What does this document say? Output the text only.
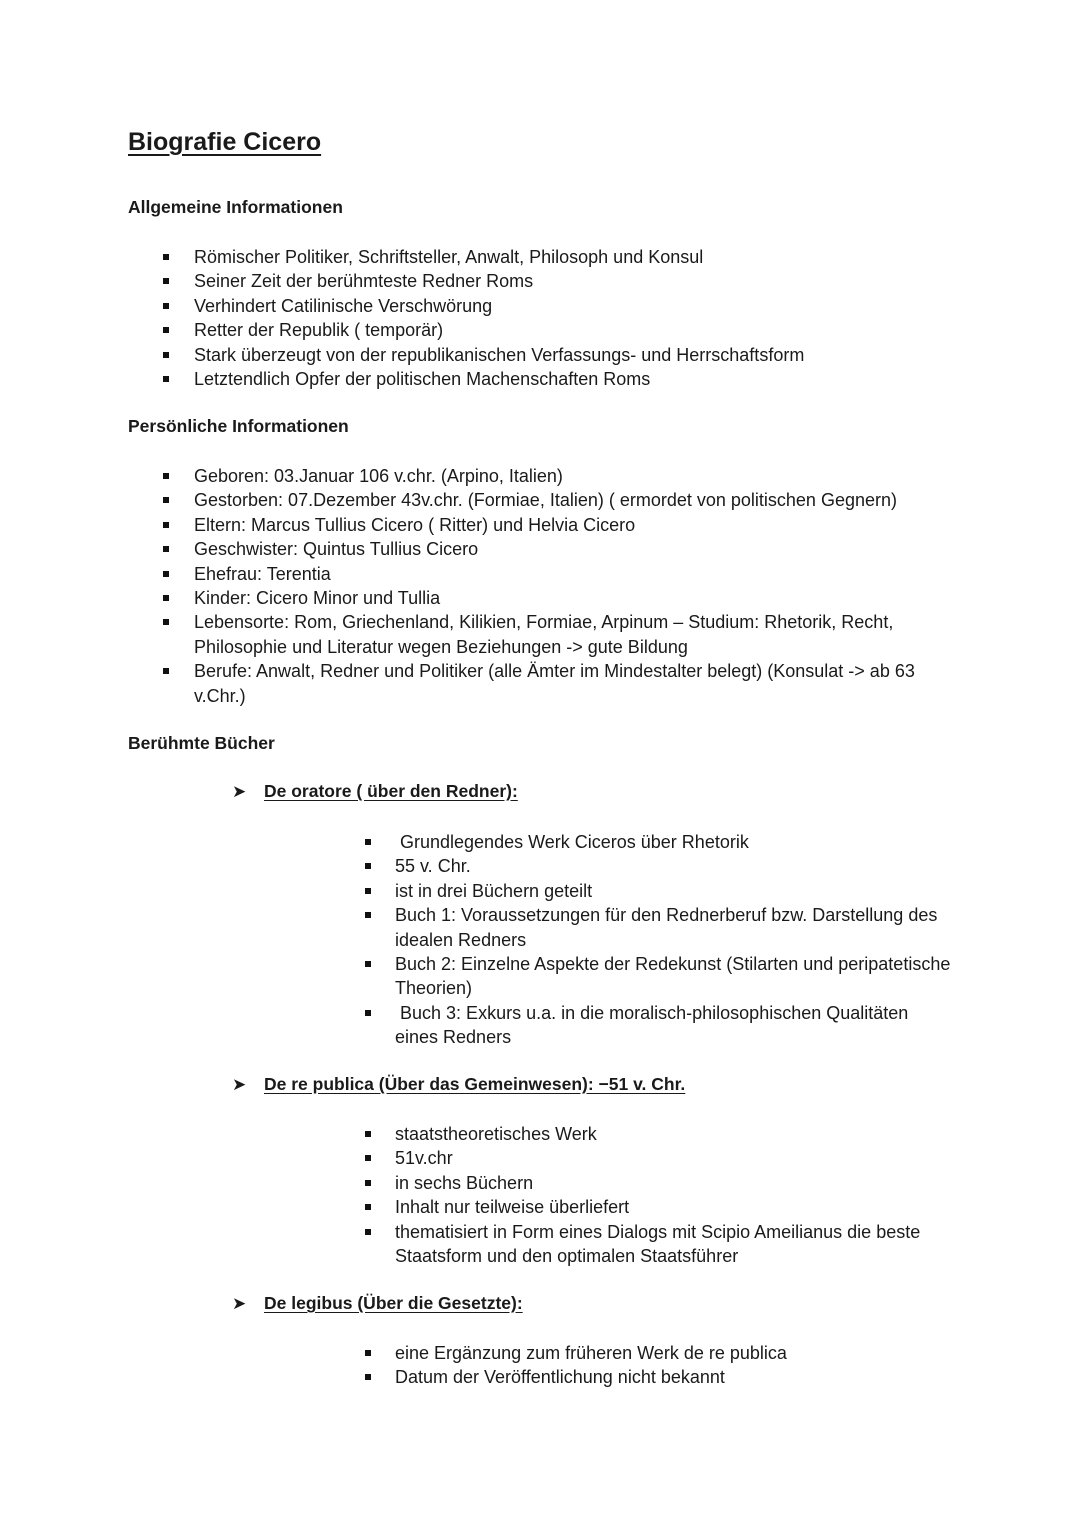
Biografie Cicero
Allgemeine Informationen
Römischer Politiker, Schriftsteller, Anwalt, Philosoph und Konsul
Seiner Zeit der berühmteste Redner Roms
Verhindert Catilinische Verschwörung
Retter der Republik ( temporär)
Stark überzeugt von der republikanischen Verfassungs- und Herrschaftsform
Letztendlich Opfer der politischen Machenschaften Roms
Persönliche Informationen
Geboren: 03.Januar 106 v.chr. (Arpino, Italien)
Gestorben: 07.Dezember 43v.chr. (Formiae, Italien) ( ermordet von politischen Gegnern)
Eltern: Marcus Tullius Cicero ( Ritter) und Helvia Cicero
Geschwister: Quintus Tullius Cicero
Ehefrau: Terentia
Kinder: Cicero Minor und Tullia
Lebensorte: Rom, Griechenland, Kilikien, Formiae, Arpinum – Studium: Rhetorik, Recht, Philosophie und Literatur wegen Beziehungen -> gute Bildung
Berufe: Anwalt, Redner und Politiker (alle Ämter im Mindestalter belegt) (Konsulat -> ab 63 v.Chr.)
Berühmte Bücher
➤ De oratore ( über den Redner):
Grundlegendes Werk Ciceros über Rhetorik
55 v. Chr.
ist in drei Büchern geteilt
Buch 1: Voraussetzungen für den Rednerberuf bzw. Darstellung des idealen Redners
Buch 2: Einzelne Aspekte der Redekunst (Stilarten und peripatetische Theorien)
Buch 3: Exkurs u.a. in die moralisch-philosophischen Qualitäten eines Redners
➤ De re publica (Über das Gemeinwesen): −51 v. Chr.
staatstheoretisches Werk
51v.chr
in sechs Büchern
Inhalt nur teilweise überliefert
thematisiert in Form eines Dialogs mit Scipio Ameilianus die beste Staatsform und den optimalen Staatsführer
➤ De legibus (Über die Gesetzte):
eine Ergänzung zum früheren Werk de re publica
Datum der Veröffentlichung nicht bekannt
